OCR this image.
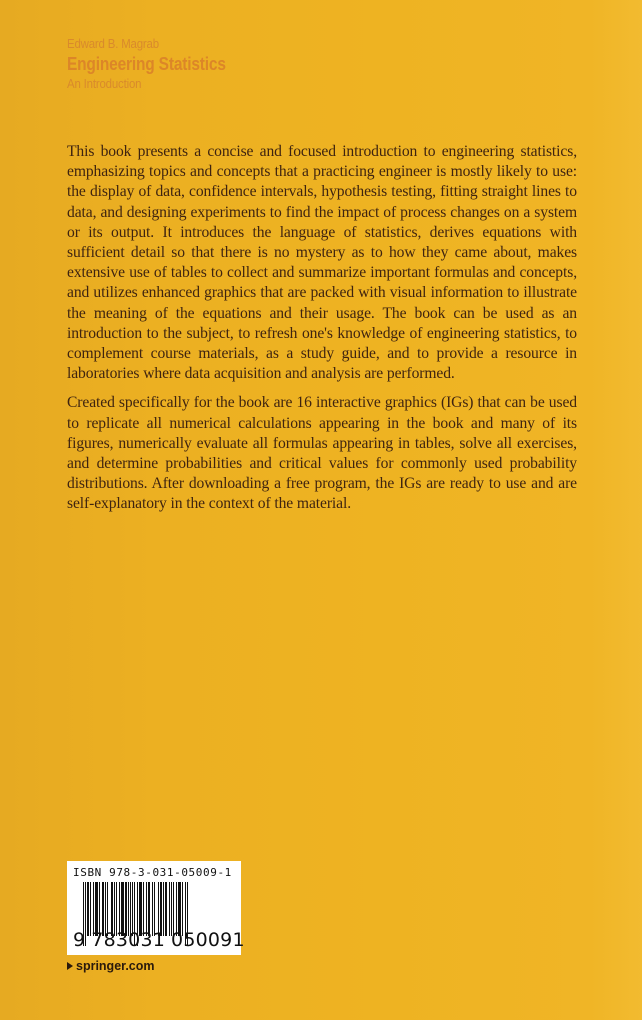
Edward B. Magrab
Engineering Statistics
An Introduction

This book presents a concise and focused introduction to engineering statistics, emphasizing topics and concepts that a practicing engineer is mostly likely to use: the display of data, confidence intervals, hypothesis testing, fitting straight lines to data, and designing experiments to find the impact of process changes on a system or its output. It introduces the language of statistics, derives equations with sufficient detail so that there is no mystery as to how they came about, makes extensive use of tables to collect and summarize important formulas and concepts, and utilizes enhanced graphics that are packed with visual information to illustrate the meaning of the equations and their usage. The book can be used as an introduction to the subject, to refresh one's knowledge of engineering statistics, to complement course materials, as a study guide, and to provide a resource in laboratories where data acquisition and analysis are performed.

Created specifically for the book are 16 interactive graphics (IGs) that can be used to replicate all numerical calculations appearing in the book and many of its figures, numerically evaluate all formulas appearing in tables, solve all exercises, and determine probabilities and critical values for commonly used probability distributions. After downloading a free program, the IGs are ready to use and are self-explanatory in the context of the material.

ISBN 978-3-031-05009-1
9 783031 050091
springer.com
